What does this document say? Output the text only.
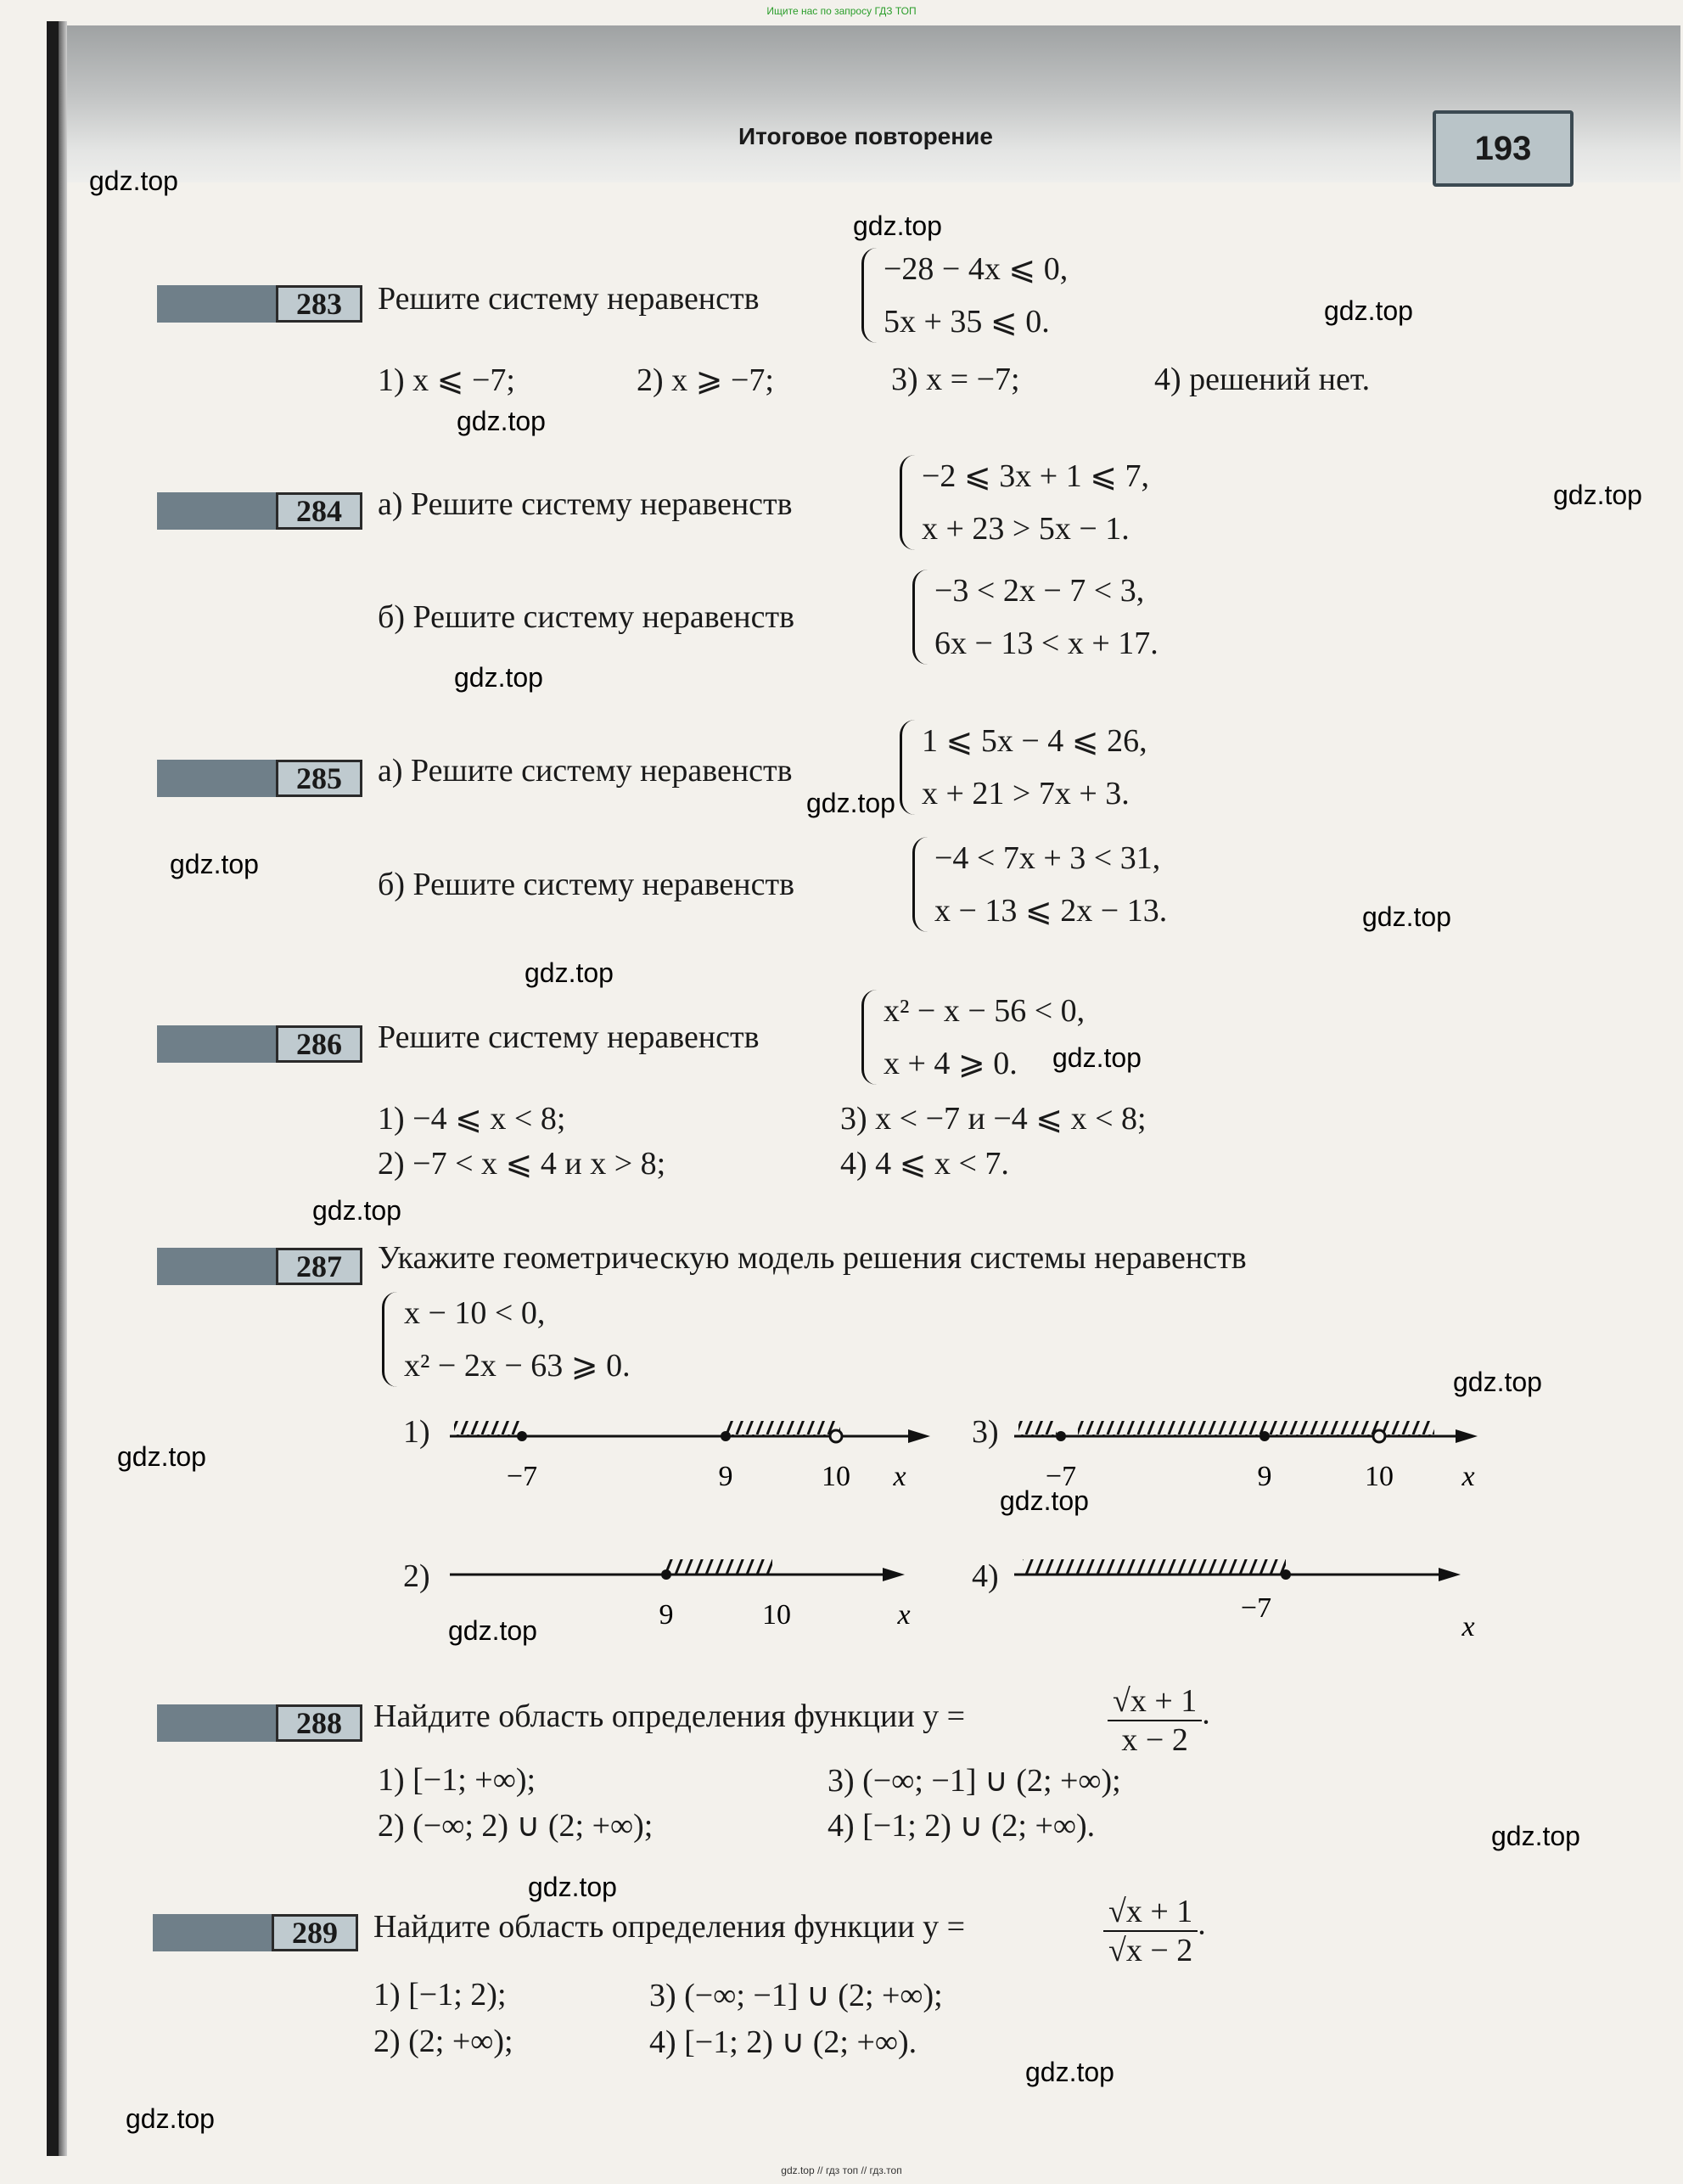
Ищите нас по запросу ГДЗ ТОП
Итоговое повторение	193
gdz.top
gdz.top
gdz.top
gdz.top
gdz.top
gdz.top
gdz.top
gdz.top
gdz.top
gdz.top
gdz.top
gdz.top
gdz.top
gdz.top
gdz.top
gdz.top
gdz.top
gdz.top
gdz.top
gdz.top
283	Решите систему неравенств
−28 − 4x ⩽ 0,
5x + 35 ⩽ 0.
1) x ⩽ −7;	2) x ⩾ −7;	3) x = −7;	4) решений нет.
284	а) Решите систему неравенств
−2 ⩽ 3x + 1 ⩽ 7,
x + 23 > 5x − 1.
б) Решите систему неравенств
−3 < 2x − 7 < 3,
6x − 13 < x + 17.
285	а) Решите систему неравенств
1 ⩽ 5x − 4 ⩽ 26,
x + 21 > 7x + 3.
б) Решите систему неравенств
−4 < 7x + 3 < 31,
x − 13 ⩽ 2x − 13.
286	Решите систему неравенств
x² − x − 56 < 0,
x + 4 ⩾ 0.
1) −4 ⩽ x < 8;
2) −7 < x ⩽ 4 и x > 8;
3) x < −7 и −4 ⩽ x < 8;
4) 4 ⩽ x < 7.
287	Укажите геометрическую модель решения системы неравенств
x − 10 < 0,
x² − 2x − 63 ⩾ 0.
1)
−7	9	10 x
3)
−7	9	10 x
2)
9	10	x
4)
−7
x
288 Найдите область определения функции y =	$\frac{√x + 1}{x - 2}$ .
1) [−1; +∞);
2) (−∞; 2) ∪ (2; +∞);
3) (−∞; −1] ∪ (2; +∞);
4) [−1; 2) ∪ (2; +∞).
289	Найдите область определения функции y =	$\frac{√x + 1}{√x - 2}$ .
1) [−1; 2);
2) (2; +∞);
3) (−∞; −1] ∪ (2; +∞);
4) [−1; 2) ∪ (2; +∞).
gdz.top // гдз топ // гдз.топ
